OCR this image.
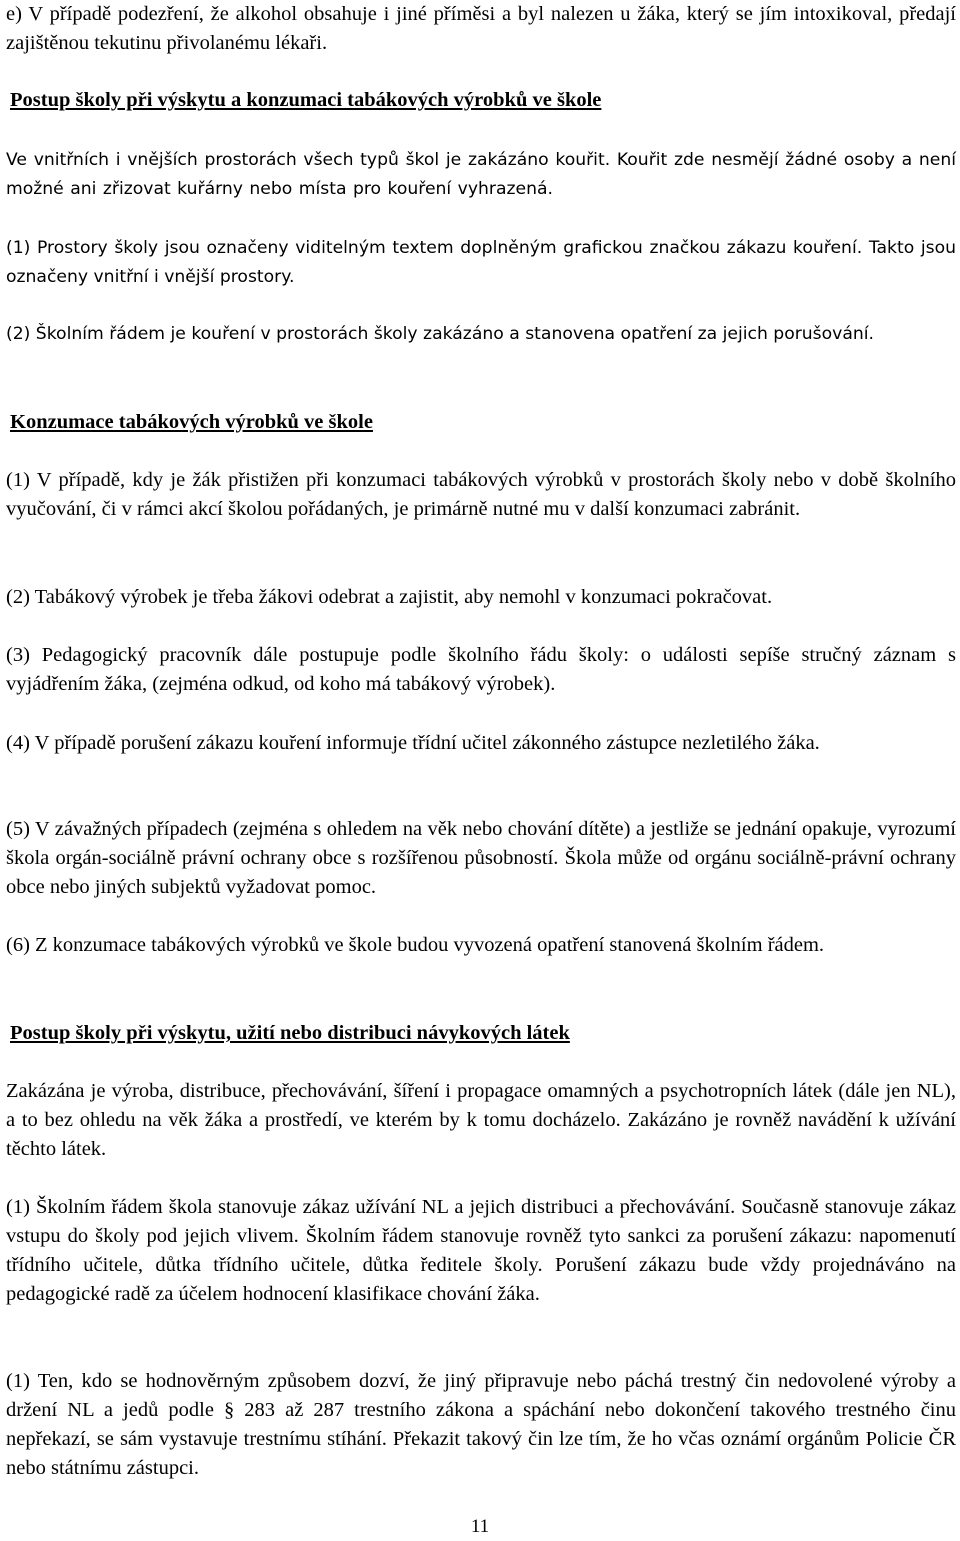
e) V případě podezření, že alkohol obsahuje i jiné příměsi a byl nalezen u žáka, který se jím intoxikoval, předají zajištěnou tekutinu přivolanému lékaři.

Postup školy při výskytu a konzumaci tabákových výrobků ve škole

Ve vnitřních i vnějších prostorách všech typů škol je zakázáno kouřit. Kouřit zde nesmějí žádné osoby a není možné ani zřizovat kuřárny nebo místa pro kouření vyhrazená.

(1) Prostory školy jsou označeny viditelným textem doplněným grafickou značkou zákazu kouření. Takto jsou označeny vnitřní i vnější prostory.

(2) Školním řádem je kouření v prostorách školy zakázáno a stanovena opatření za jejich porušování.

Konzumace tabákových výrobků ve škole

(1) V případě, kdy je žák přistižen při konzumaci tabákových výrobků v prostorách školy nebo v době školního vyučování, či v rámci akcí školou pořádaných, je primárně nutné mu v další konzumaci zabránit.

(2) Tabákový výrobek je třeba žákovi odebrat a zajistit, aby nemohl v konzumaci pokračovat.

(3) Pedagogický pracovník dále postupuje podle školního řádu školy: o události sepíše stručný záznam s vyjádřením žáka, (zejména odkud, od koho má tabákový výrobek).

(4) V případě porušení zákazu kouření informuje třídní učitel zákonného zástupce nezletilého žáka.

(5) V závažných případech (zejména s ohledem na věk nebo chování dítěte) a jestliže se jednání opakuje, vyrozumí škola orgán-sociálně právní ochrany obce s rozšířenou působností. Škola může od orgánu sociálně-právní ochrany obce nebo jiných subjektů vyžadovat pomoc.

(6) Z konzumace tabákových výrobků ve škole budou vyvozená opatření stanovená školním řádem.

Postup školy při výskytu, užití nebo distribuci návykových látek

Zakázána je výroba, distribuce, přechovávání, šíření i propagace omamných a psychotropních látek (dále jen NL), a to bez ohledu na věk žáka a prostředí, ve kterém by k tomu docházelo. Zakázáno je rovněž navádění k užívání těchto látek.

(1) Školním řádem škola stanovuje zákaz užívání NL a jejich distribuci a přechovávání. Současně stanovuje zákaz vstupu do školy pod jejich vlivem. Školním řádem stanovuje rovněž tyto sankci za porušení zákazu: napomenutí třídního učitele, důtka třídního učitele, důtka ředitele školy. Porušení zákazu bude vždy projednáváno na pedagogické radě za účelem hodnocení klasifikace chování žáka.

(1) Ten, kdo se hodnověrným způsobem dozví, že jiný připravuje nebo páchá trestný čin nedovolené výroby a držení NL a jedů podle § 283 až 287 trestního zákona a spáchání nebo dokončení takového trestného činu nepřekazí, se sám vystavuje trestnímu stíhání. Překazit takový čin lze tím, že ho včas oznámí orgánům Policie ČR nebo státnímu zástupci.

11
